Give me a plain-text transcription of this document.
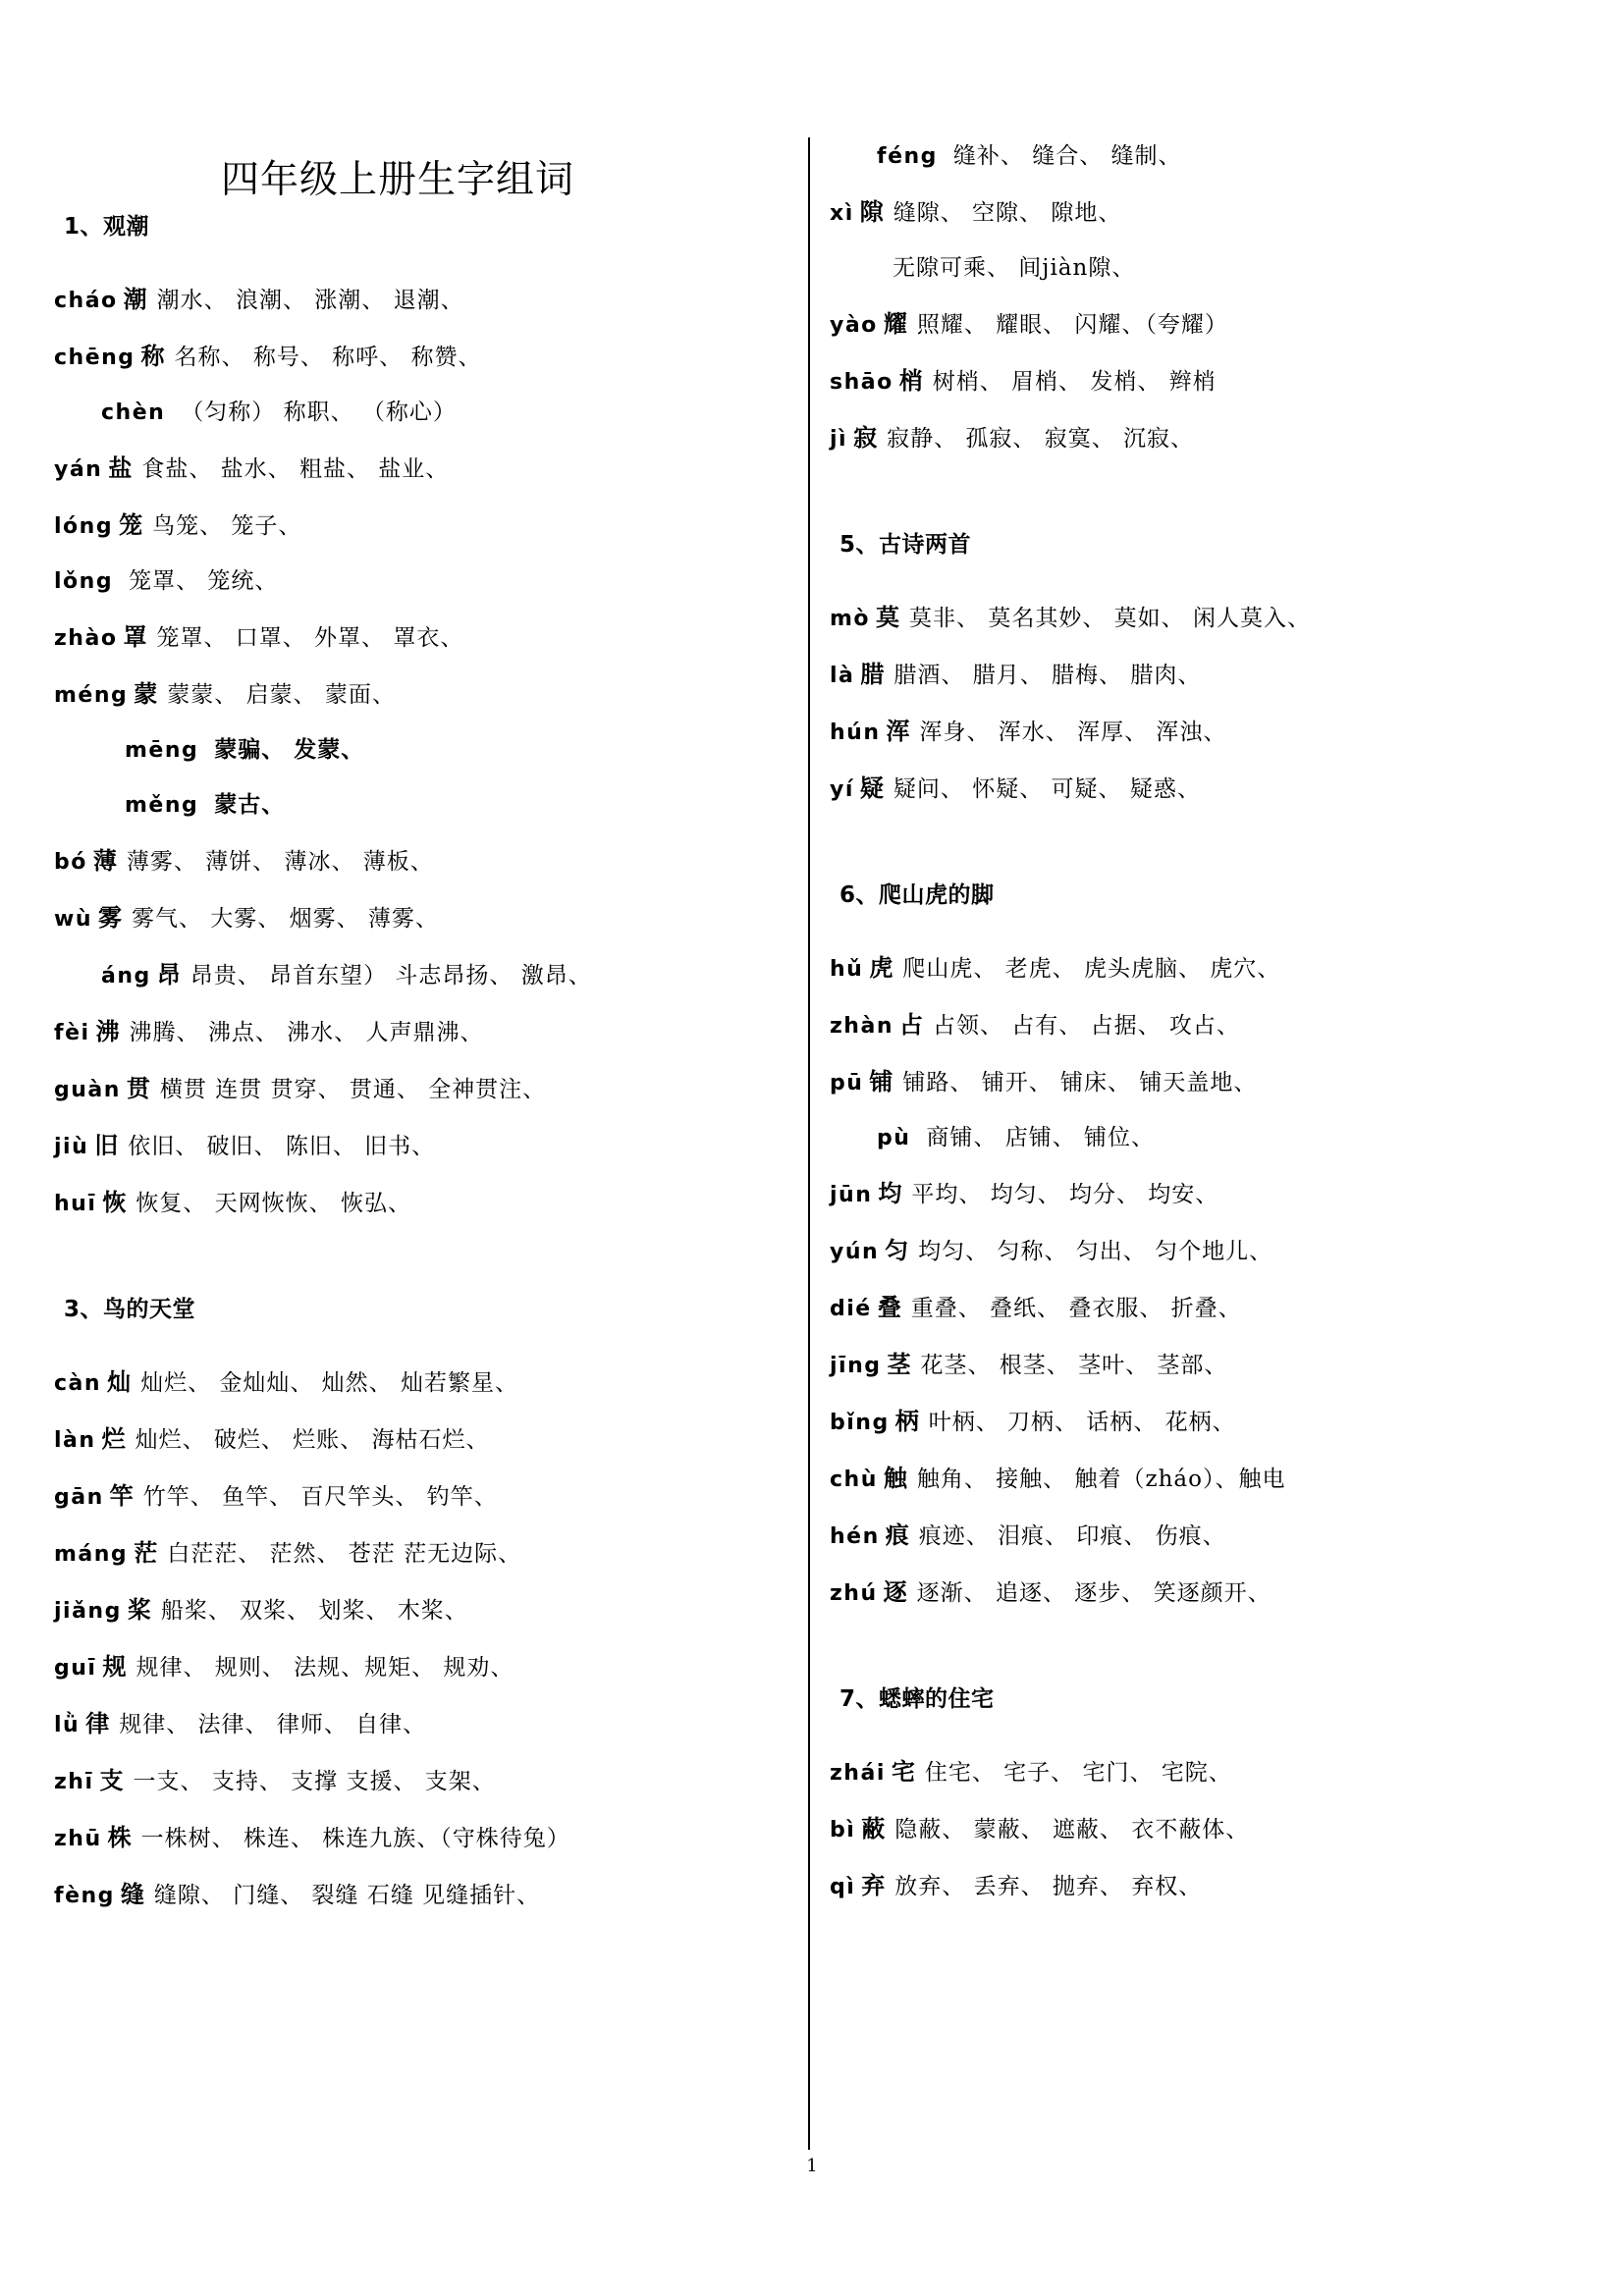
四年级上册生字组词
1、观潮
cháo 潮 潮水、 浪潮、 涨潮、 退潮、
chēng 称 名称、 称号、 称呼、 称赞、
chèn （匀称） 称职、 （称心）
yán 盐 食盐、 盐水、 粗盐、 盐业、
lóng 笼 鸟笼、 笼子、
lǒng 笼罩、 笼统、
zhào 罩 笼罩、 口罩、 外罩、 罩衣、
méng 蒙 蒙蒙、 启蒙、 蒙面、
mēng 蒙骗、 发蒙、
měng 蒙古、
bó 薄 薄雾、 薄饼、 薄冰、 薄板、
wù 雾 雾气、 大雾、 烟雾、 薄雾、
áng 昂 昂贵、 昂首东望） 斗志昂扬、 激昂、
fèi 沸 沸腾、 沸点、 沸水、 人声鼎沸、
guàn 贯 横贯 连贯 贯穿、 贯通、 全神贯注、
jiù 旧 依旧、 破旧、 陈旧、 旧书、
huī 恢 恢复、 天网恢恢、 恢弘、
3、鸟的天堂
càn 灿 灿烂、 金灿灿、 灿然、 灿若繁星、
làn 烂 灿烂、 破烂、 烂账、 海枯石烂、
gān 竿 竹竿、 鱼竿、 百尺竿头、 钓竿、
máng 茫 白茫茫、 茫然、 苍茫 茫无边际、
jiǎng 桨 船桨、 双桨、 划桨、 木桨、
guī 规 规律、 规则、 法规、规矩、 规劝、
lǜ 律 规律、 法律、 律师、 自律、
zhī 支 一支、 支持、 支撑 支援、 支架、
zhū 株 一株树、 株连、 株连九族、（守株待兔）
fèng 缝 缝隙、 门缝、 裂缝 石缝 见缝插针、
féng 缝补、 缝合、 缝制、
xì 隙 缝隙、 空隙、 隙地、
无隙可乘、 间jiàn隙、
yào 耀 照耀、 耀眼、 闪耀、（夸耀）
shāo 梢 树梢、 眉梢、 发梢、 辫梢
jì 寂 寂静、 孤寂、 寂寞、 沉寂、
5、古诗两首
mò 莫 莫非、 莫名其妙、 莫如、 闲人莫入、
là 腊 腊酒、 腊月、 腊梅、 腊肉、
hún 浑 浑身、 浑水、 浑厚、 浑浊、
yí 疑 疑问、 怀疑、 可疑、 疑惑、
6、爬山虎的脚
hǔ 虎 爬山虎、 老虎、 虎头虎脑、 虎穴、
zhàn 占 占领、 占有、 占据、 攻占、
pū 铺 铺路、 铺开、 铺床、 铺天盖地、
pù 商铺、 店铺、 铺位、
jūn 均 平均、 均匀、 均分、 均安、
yún 匀 均匀、 匀称、 匀出、 匀个地儿、
dié 叠 重叠、 叠纸、 叠衣服、 折叠、
jīng 茎 花茎、 根茎、 茎叶、 茎部、
bǐng 柄 叶柄、 刀柄、 话柄、 花柄、
chù 触 触角、 接触、 触着（zháo）、触电
hén 痕 痕迹、 泪痕、 印痕、 伤痕、
zhú 逐 逐渐、 追逐、 逐步、 笑逐颜开、
7、蟋蟀的住宅
zhái 宅 住宅、 宅子、 宅门、 宅院、
bì 蔽 隐蔽、 蒙蔽、 遮蔽、 衣不蔽体、
qì 弃 放弃、 丢弃、 抛弃、 弃权、
1
